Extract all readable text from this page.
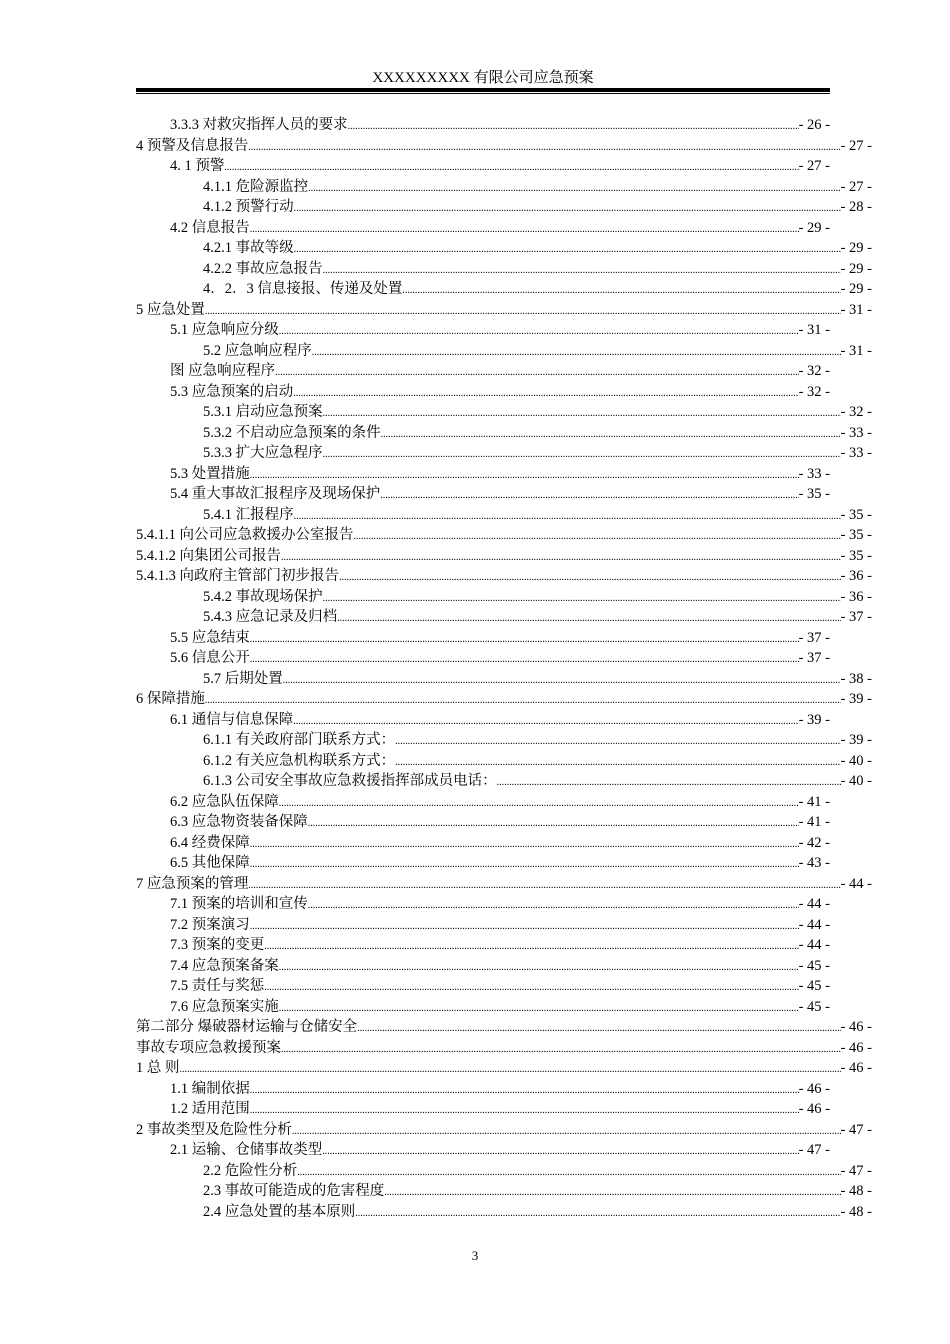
XXXXXXXXX 有限公司应急预案
3.3.3 对救灾指挥人员的要求 .....	- 26 -
4 预警及信息报告 .....	- 27 -
4. 1 预警 .....	- 27 -
4.1.1 危险源监控 .....	- 27 -
4.1.2 预警行动 .....	- 28 -
4.2 信息报告 .....	- 29 -
4.2.1 事故等级 .....	- 29 -
4.2.2 事故应急报告 .....	- 29 -
4．2．3 信息接报、传递及处置 .....	- 29 -
5 应急处置 .....	- 31 -
5.1 应急响应分级 .....	- 31 -
5.2 应急响应程序 .....	- 31 -
图 应急响应程序 .....	- 32 -
5.3 应急预案的启动 .....	- 32 -
5.3.1 启动应急预案 .....	- 32 -
5.3.2 不启动应急预案的条件 .....	- 33 -
5.3.3 扩大应急程序 .....	- 33 -
5.3 处置措施 .....	- 33 -
5.4 重大事故汇报程序及现场保护 .....	- 35 -
5.4.1 汇报程序 .....	- 35 -
5.4.1.1 向公司应急救援办公室报告 .....	- 35 -
5.4.1.2 向集团公司报告 .....	- 35 -
5.4.1.3 向政府主管部门初步报告 .....	- 36 -
5.4.2 事故现场保护 .....	- 36 -
5.4.3 应急记录及归档 .....	- 37 -
5.5 应急结束 .....	- 37 -
5.6 信息公开 .....	- 37 -
5.7 后期处置 .....	- 38 -
6 保障措施 .....	- 39 -
6.1 通信与信息保障 .....	- 39 -
6.1.1 有关政府部门联系方式： .....	- 39 -
6.1.2 有关应急机构联系方式： .....	- 40 -
6.1.3 公司安全事故应急救援指挥部成员电话： .....	- 40 -
6.2 应急队伍保障 .....	- 41 -
6.3 应急物资装备保障 .....	- 41 -
6.4 经费保障 .....	- 42 -
6.5 其他保障 .....	- 43 -
7 应急预案的管理 .....	- 44 -
7.1 预案的培训和宣传 .....	- 44 -
7.2 预案演习 .....	- 44 -
7.3 预案的变更 .....	- 44 -
7.4 应急预案备案 .....	- 45 -
7.5 责任与奖惩 .....	- 45 -
7.6 应急预案实施 .....	- 45 -
第二部分 爆破器材运输与仓储安全 .....	- 46 -
事故专项应急救援预案 .....	- 46 -
1 总 则 .....	- 46 -
1.1 编制依据 .....	- 46 -
1.2 适用范围 .....	- 46 -
2 事故类型及危险性分析 .....	- 47 -
2.1 运输、仓储事故类型 .....	- 47 -
2.2 危险性分析 .....	- 47 -
2.3 事故可能造成的危害程度 .....	- 48 -
2.4 应急处置的基本原则 .....	- 48 -
3
